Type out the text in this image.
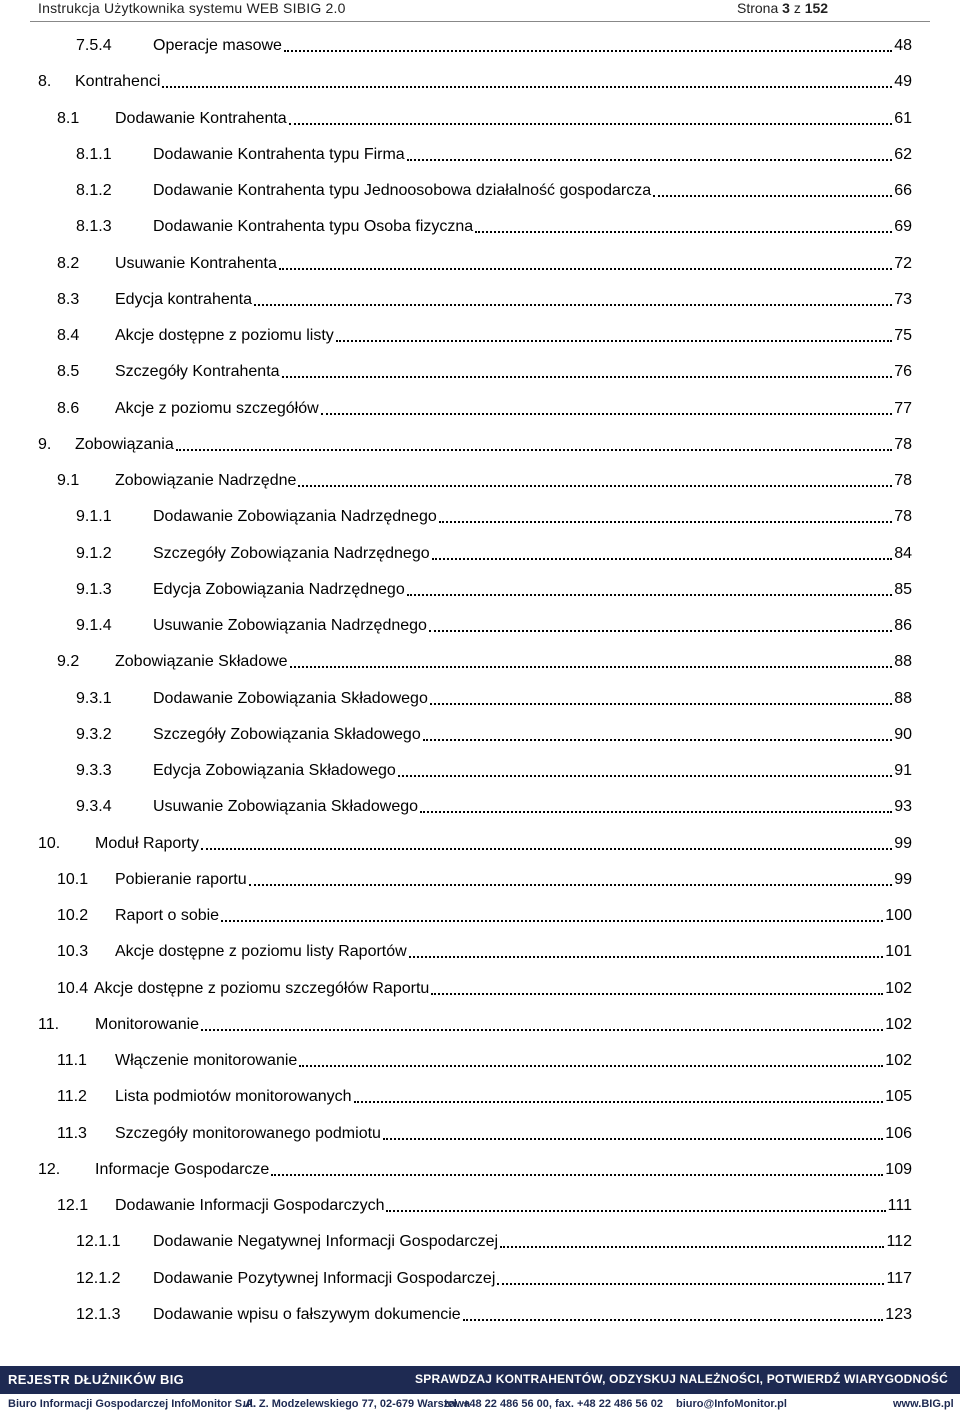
Instrukcja Użytkownika systemu WEB SIBIG 2.0	Strona 3 z 152
7.5.4	Operacje masowe	48
8.	Kontrahenci	49
8.1	Dodawanie Kontrahenta	61
8.1.1	Dodawanie Kontrahenta typu Firma	62
8.1.2	Dodawanie Kontrahenta typu Jednoosobowa działalność gospodarcza	66
8.1.3	Dodawanie Kontrahenta typu Osoba fizyczna	69
8.2	Usuwanie Kontrahenta	72
8.3	Edycja kontrahenta	73
8.4	Akcje dostępne z poziomu listy	75
8.5	Szczegóły Kontrahenta	76
8.6	Akcje z poziomu szczegółów	77
9.	Zobowiązania	78
9.1	Zobowiązanie Nadrzędne	78
9.1.1	Dodawanie Zobowiązania Nadrzędnego	78
9.1.2	Szczegóły Zobowiązania Nadrzędnego	84
9.1.3	Edycja Zobowiązania Nadrzędnego	85
9.1.4	Usuwanie Zobowiązania Nadrzędnego	86
9.2	Zobowiązanie Składowe	88
9.3.1	Dodawanie Zobowiązania Składowego	88
9.3.2	Szczegóły Zobowiązania Składowego	90
9.3.3	Edycja Zobowiązania Składowego	91
9.3.4	Usuwanie Zobowiązania Składowego	93
10.	Moduł Raporty	99
10.1	Pobieranie raportu	99
10.2	Raport o sobie	100
10.3	Akcje dostępne z poziomu listy Raportów	101
10.4 Akcje dostępne z poziomu szczegółów Raportu	102
11.	Monitorowanie	102
11.1	Włączenie monitorowanie	102
11.2	Lista podmiotów monitorowanych	105
11.3	Szczegóły monitorowanego podmiotu	106
12.	Informacje Gospodarcze	109
12.1	Dodawanie Informacji Gospodarczych	111
12.1.1	Dodawanie Negatywnej Informacji Gospodarczej	112
12.1.2	Dodawanie Pozytywnej Informacji Gospodarczej	117
12.1.3	Dodawanie wpisu o fałszywym dokumencie	123
REJESTR DŁUŻNIKÓW BIG	SPRAWDZAJ KONTRAHENTÓW, ODZYSKUJ NALEŻNOŚCI, POTWIERDŹ WIARYGODNOŚĆ
Biuro Informacji Gospodarczej InfoMonitor S.A.
ul. Z. Modzelewskiego 77, 02-679 Warszawa
tel. +48 22 486 56 00, fax. +48 22 486 56 02 biuro@InfoMonitor.pl	www.BIG.pl
